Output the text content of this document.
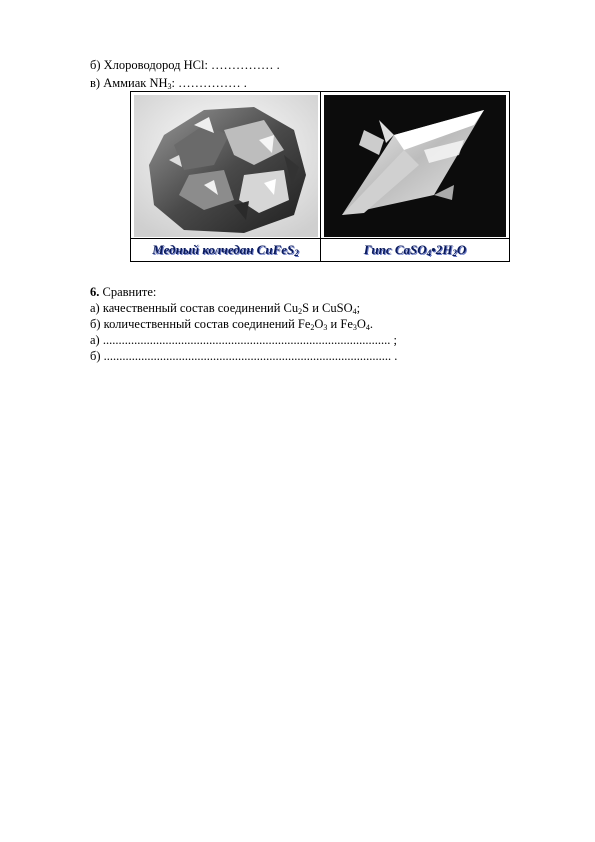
б) Хлороводород HCl: …………… .
в) Аммиак $NH_3$: …………… .
Медный колчедан CuFeS$_2$	Гипс $CaSO_4•2H_2O$
6. Сравните:
а) качественный состав соединений $Cu_2S$ и CuSO$_4$;
б) количественный состав соединений $Fe_2O_3$ и $Fe_3O_4$.
а) ............................................................................................ ;
б) ............................................................................................ .
